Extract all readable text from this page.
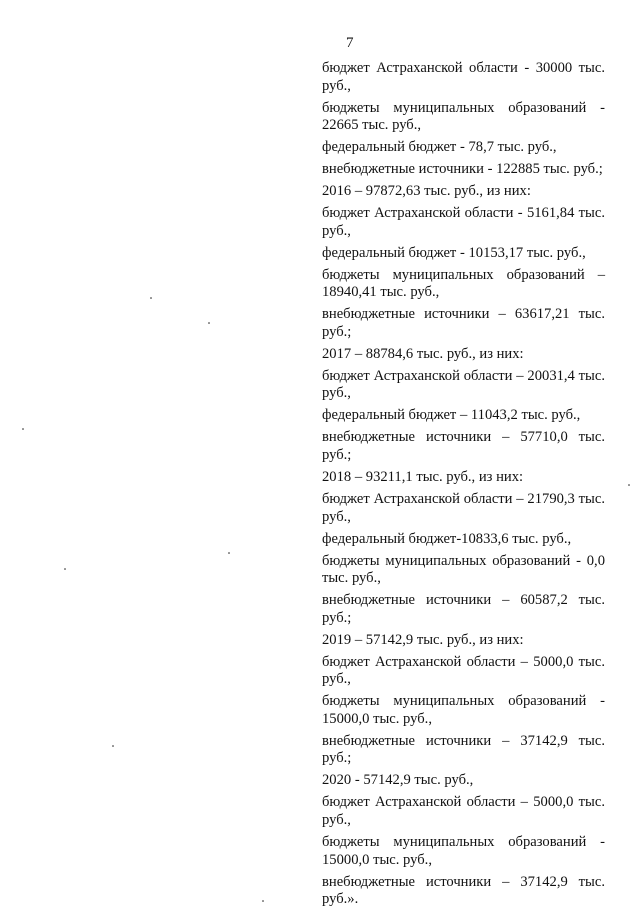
7

бюджет Астраханской области - 30000 тыс. руб.,

бюджеты муниципальных образований - 22665 тыс. руб.,

федеральный бюджет - 78,7 тыс. руб.,

внебюджетные источники - 122885 тыс. руб.;

2016 – 97872,63 тыс. руб., из них:

бюджет Астраханской области - 5161,84 тыс. руб.,

федеральный бюджет - 10153,17 тыс. руб.,

бюджеты муниципальных образований – 18940,41 тыс. руб.,

внебюджетные источники – 63617,21 тыс. руб.;

2017 – 88784,6 тыс. руб., из них:

бюджет Астраханской области – 20031,4 тыс. руб.,

федеральный бюджет – 11043,2 тыс. руб.,

внебюджетные источники – 57710,0 тыс. руб.;

2018 – 93211,1 тыс. руб., из них:

бюджет Астраханской области – 21790,3 тыс. руб.,

федеральный бюджет-10833,6 тыс. руб.,

бюджеты муниципальных образований - 0,0 тыс. руб.,

внебюджетные источники – 60587,2 тыс. руб.;

2019 – 57142,9 тыс. руб., из них:

бюджет Астраханской области – 5000,0 тыс. руб.,

бюджеты муниципальных образований - 15000,0 тыс. руб.,

внебюджетные источники – 37142,9 тыс. руб.;

2020 - 57142,9 тыс. руб.,

бюджет Астраханской области – 5000,0 тыс. руб.,

бюджеты муниципальных образований - 15000,0 тыс. руб.,

внебюджетные источники – 37142,9 тыс. руб.».
